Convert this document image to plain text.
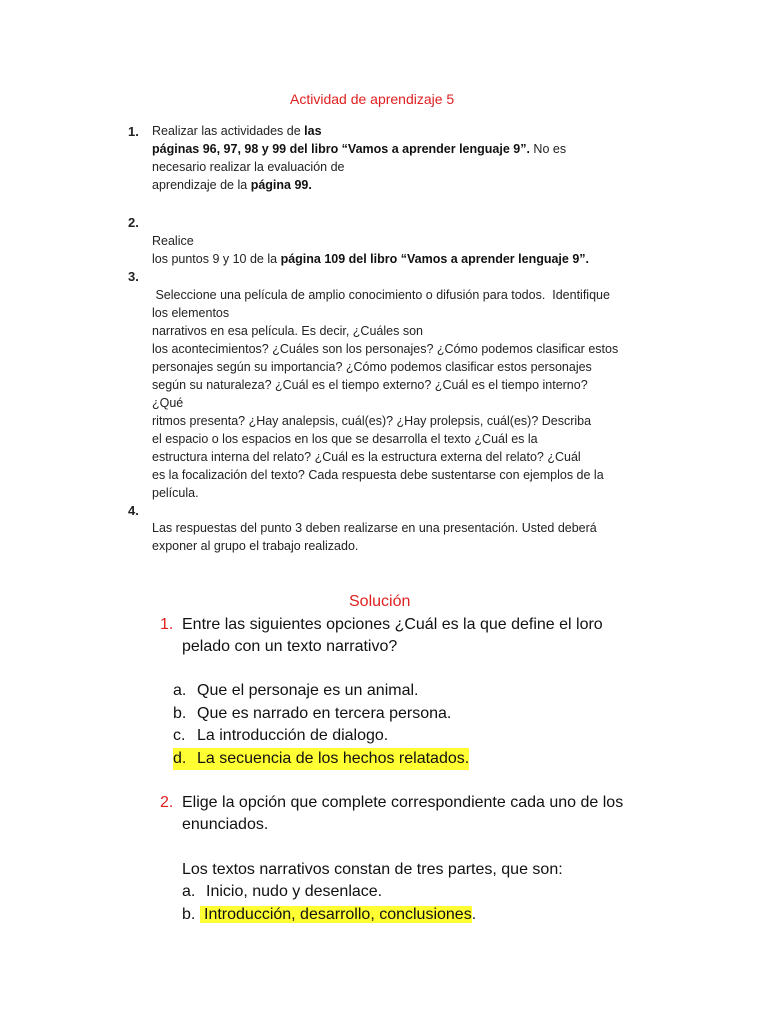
Actividad de aprendizaje 5
1. Realizar las actividades de las
páginas 96, 97, 98 y 99 del libro “Vamos a aprender lenguaje 9”. No es
necesario realizar la evaluación de
aprendizaje de la página 99.
2.
Realice
los puntos 9 y 10 de la página 109 del libro “Vamos a aprender lenguaje 9”.
3.
Seleccione una película de amplio conocimiento o difusión para todos.  Identifique
los elementos
narrativos en esa película. Es decir, ¿Cuáles son
los acontecimientos? ¿Cuáles son los personajes? ¿Cómo podemos clasificar estos
personajes según su importancia? ¿Cómo podemos clasificar estos personajes
según su naturaleza? ¿Cuál es el tiempo externo? ¿Cuál es el tiempo interno?
¿Qué
ritmos presenta? ¿Hay analepsis, cuál(es)? ¿Hay prolepsis, cuál(es)? Describa
el espacio o los espacios en los que se desarrolla el texto ¿Cuál es la
estructura interna del relato? ¿Cuál es la estructura externa del relato? ¿Cuál
es la focalización del texto? Cada respuesta debe sustentarse con ejemplos de la
película.
4.
Las respuestas del punto 3 deben realizarse en una presentación. Usted deberá
exponer al grupo el trabajo realizado.
Solución
1. Entre las siguientes opciones ¿Cuál es la que define el loro
pelado con un texto narrativo?
a. Que el personaje es un animal.
b. Que es narrado en tercera persona.
c. La introducción de dialogo.
d. La secuencia de los hechos relatados.
2. Elige la opción que complete correspondiente cada uno de los
enunciados.
Los textos narrativos constan de tres partes, que son:
a. Inicio, nudo y desenlace.
b. Introducción, desarrollo, conclusiones.
